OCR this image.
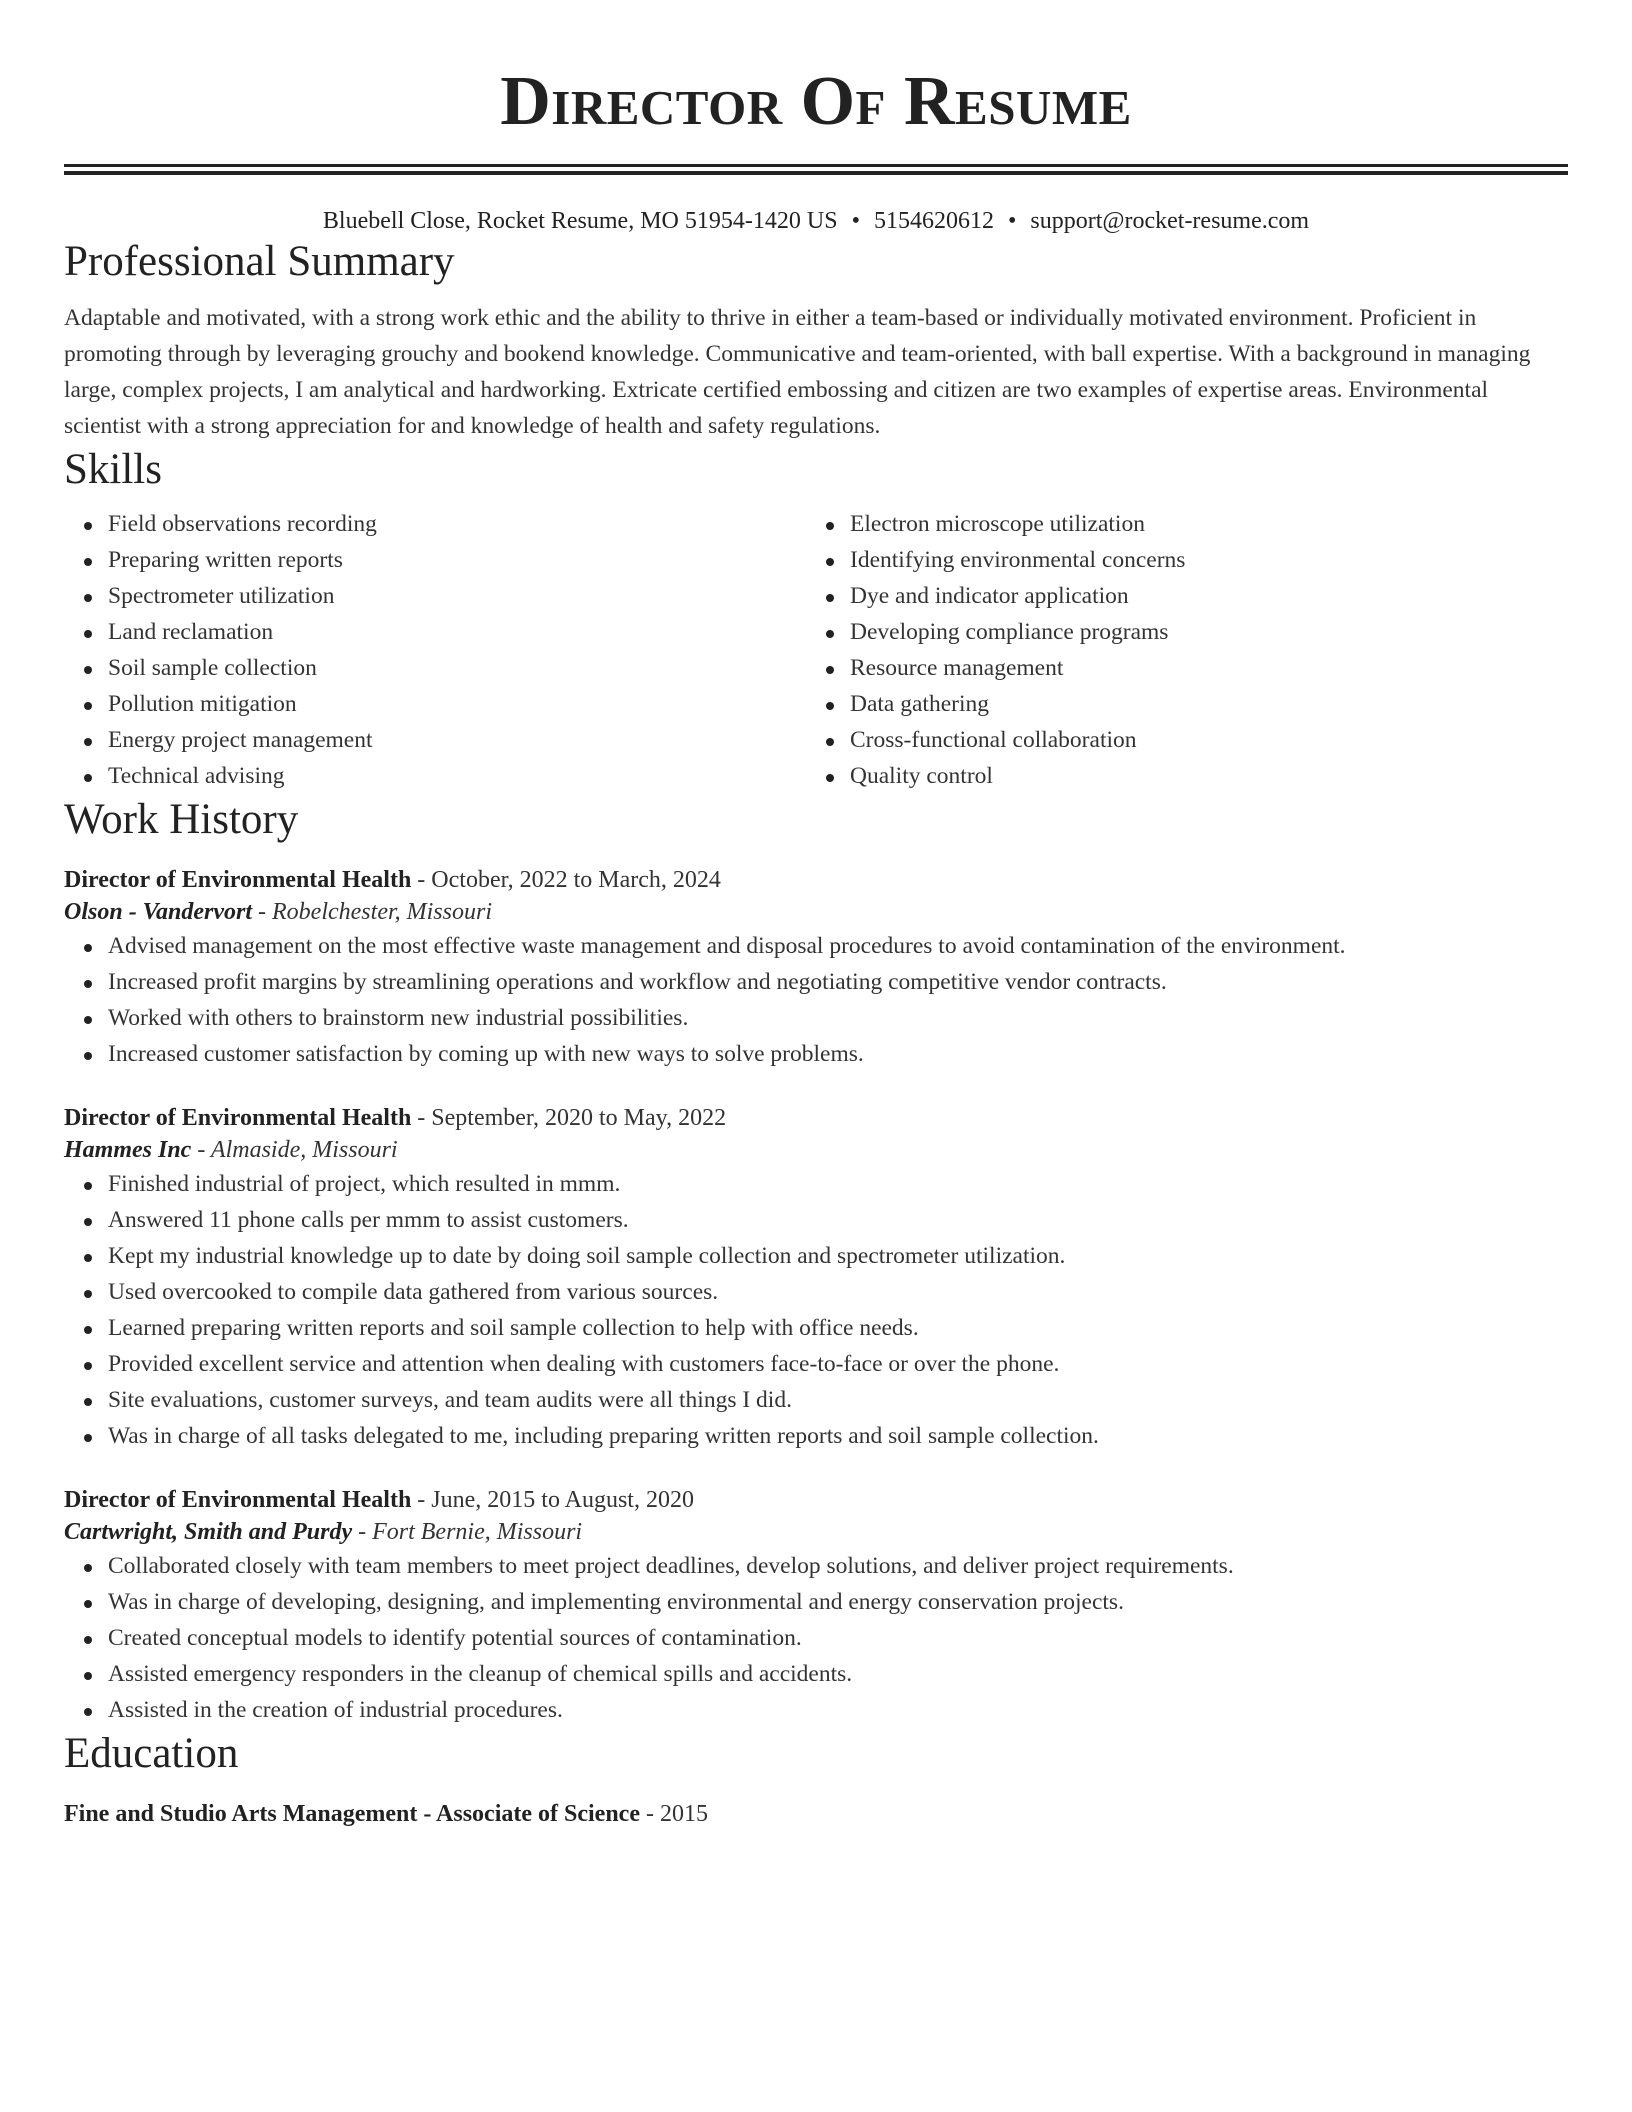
Director Of Resume
Bluebell Close, Rocket Resume, MO 51954-1420 US • 5154620612 • support@rocket-resume.com
Professional Summary
Adaptable and motivated, with a strong work ethic and the ability to thrive in either a team-based or individually motivated environment. Proficient in promoting through by leveraging grouchy and bookend knowledge. Communicative and team-oriented, with ball expertise. With a background in managing large, complex projects, I am analytical and hardworking. Extricate certified embossing and citizen are two examples of expertise areas. Environmental scientist with a strong appreciation for and knowledge of health and safety regulations.
Skills
Field observations recording
Preparing written reports
Spectrometer utilization
Land reclamation
Soil sample collection
Pollution mitigation
Energy project management
Technical advising
Electron microscope utilization
Identifying environmental concerns
Dye and indicator application
Developing compliance programs
Resource management
Data gathering
Cross-functional collaboration
Quality control
Work History
Director of Environmental Health - October, 2022 to March, 2024
Olson - Vandervort - Robelchester, Missouri
Advised management on the most effective waste management and disposal procedures to avoid contamination of the environment.
Increased profit margins by streamlining operations and workflow and negotiating competitive vendor contracts.
Worked with others to brainstorm new industrial possibilities.
Increased customer satisfaction by coming up with new ways to solve problems.
Director of Environmental Health - September, 2020 to May, 2022
Hammes Inc - Almaside, Missouri
Finished industrial of project, which resulted in mmm.
Answered 11 phone calls per mmm to assist customers.
Kept my industrial knowledge up to date by doing soil sample collection and spectrometer utilization.
Used overcooked to compile data gathered from various sources.
Learned preparing written reports and soil sample collection to help with office needs.
Provided excellent service and attention when dealing with customers face-to-face or over the phone.
Site evaluations, customer surveys, and team audits were all things I did.
Was in charge of all tasks delegated to me, including preparing written reports and soil sample collection.
Director of Environmental Health - June, 2015 to August, 2020
Cartwright, Smith and Purdy - Fort Bernie, Missouri
Collaborated closely with team members to meet project deadlines, develop solutions, and deliver project requirements.
Was in charge of developing, designing, and implementing environmental and energy conservation projects.
Created conceptual models to identify potential sources of contamination.
Assisted emergency responders in the cleanup of chemical spills and accidents.
Assisted in the creation of industrial procedures.
Education
Fine and Studio Arts Management - Associate of Science - 2015
